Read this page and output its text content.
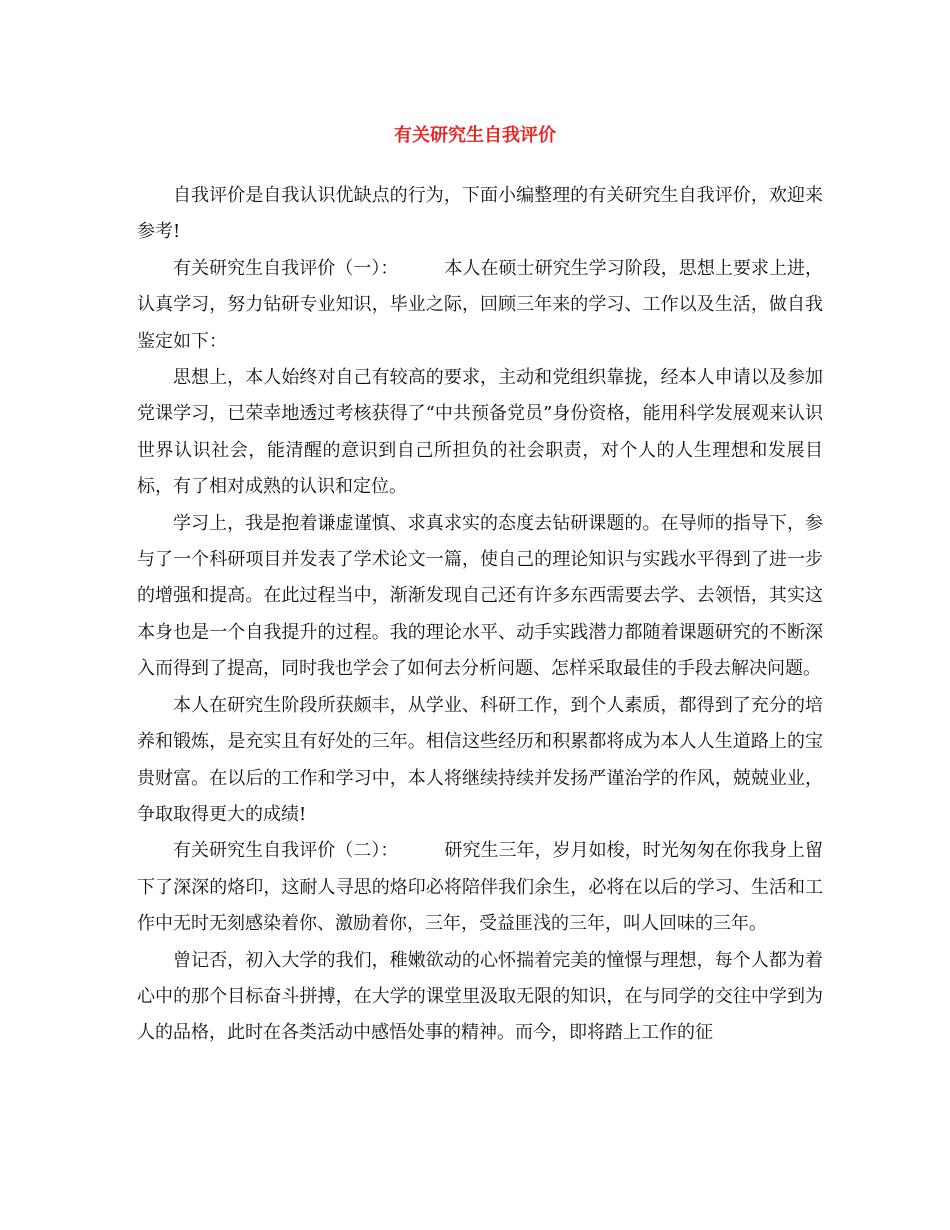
有关研究生自我评价

自我评价是自我认识优缺点的行为，下面小编整理的有关研究生自我评价，欢迎来参考!

有关研究生自我评价（一）：	本人在硕士研究生学习阶段，思想上要求上进，认真学习，努力钻研专业知识，毕业之际，回顾三年来的学习、工作以及生活，做自我鉴定如下：

思想上，本人始终对自己有较高的要求，主动和党组织靠拢，经本人申请以及参加党课学习，已荣幸地透过考核获得了“中共预备党员”身份资格，能用科学发展观来认识世界认识社会，能清醒的意识到自己所担负的社会职责，对个人的人生理想和发展目标，有了相对成熟的认识和定位。

学习上，我是抱着谦虚谨慎、求真求实的态度去钻研课题的。在导师的指导下，参与了一个科研项目并发表了学术论文一篇，使自己的理论知识与实践水平得到了进一步的增强和提高。在此过程当中，渐渐发现自己还有许多东西需要去学、去领悟，其实这本身也是一个自我提升的过程。我的理论水平、动手实践潜力都随着课题研究的不断深入而得到了提高，同时我也学会了如何去分析问题、怎样采取最佳的手段去解决问题。

本人在研究生阶段所获颇丰，从学业、科研工作，到个人素质，都得到了充分的培养和锻炼，是充实且有好处的三年。相信这些经历和积累都将成为本人人生道路上的宝贵财富。在以后的工作和学习中，本人将继续持续并发扬严谨治学的作风，兢兢业业，争取取得更大的成绩!

有关研究生自我评价（二）：	研究生三年，岁月如梭，时光匆匆在你我身上留下了深深的烙印，这耐人寻思的烙印必将陪伴我们余生，必将在以后的学习、生活和工作中无时无刻感染着你、激励着你，三年，受益匪浅的三年，叫人回味的三年。

曾记否，初入大学的我们，稚嫩欲动的心怀揣着完美的憧憬与理想，每个人都为着心中的那个目标奋斗拼搏，在大学的课堂里汲取无限的知识，在与同学的交往中学到为人的品格，此时在各类活动中感悟处事的精神。而今，即将踏上工作的征
